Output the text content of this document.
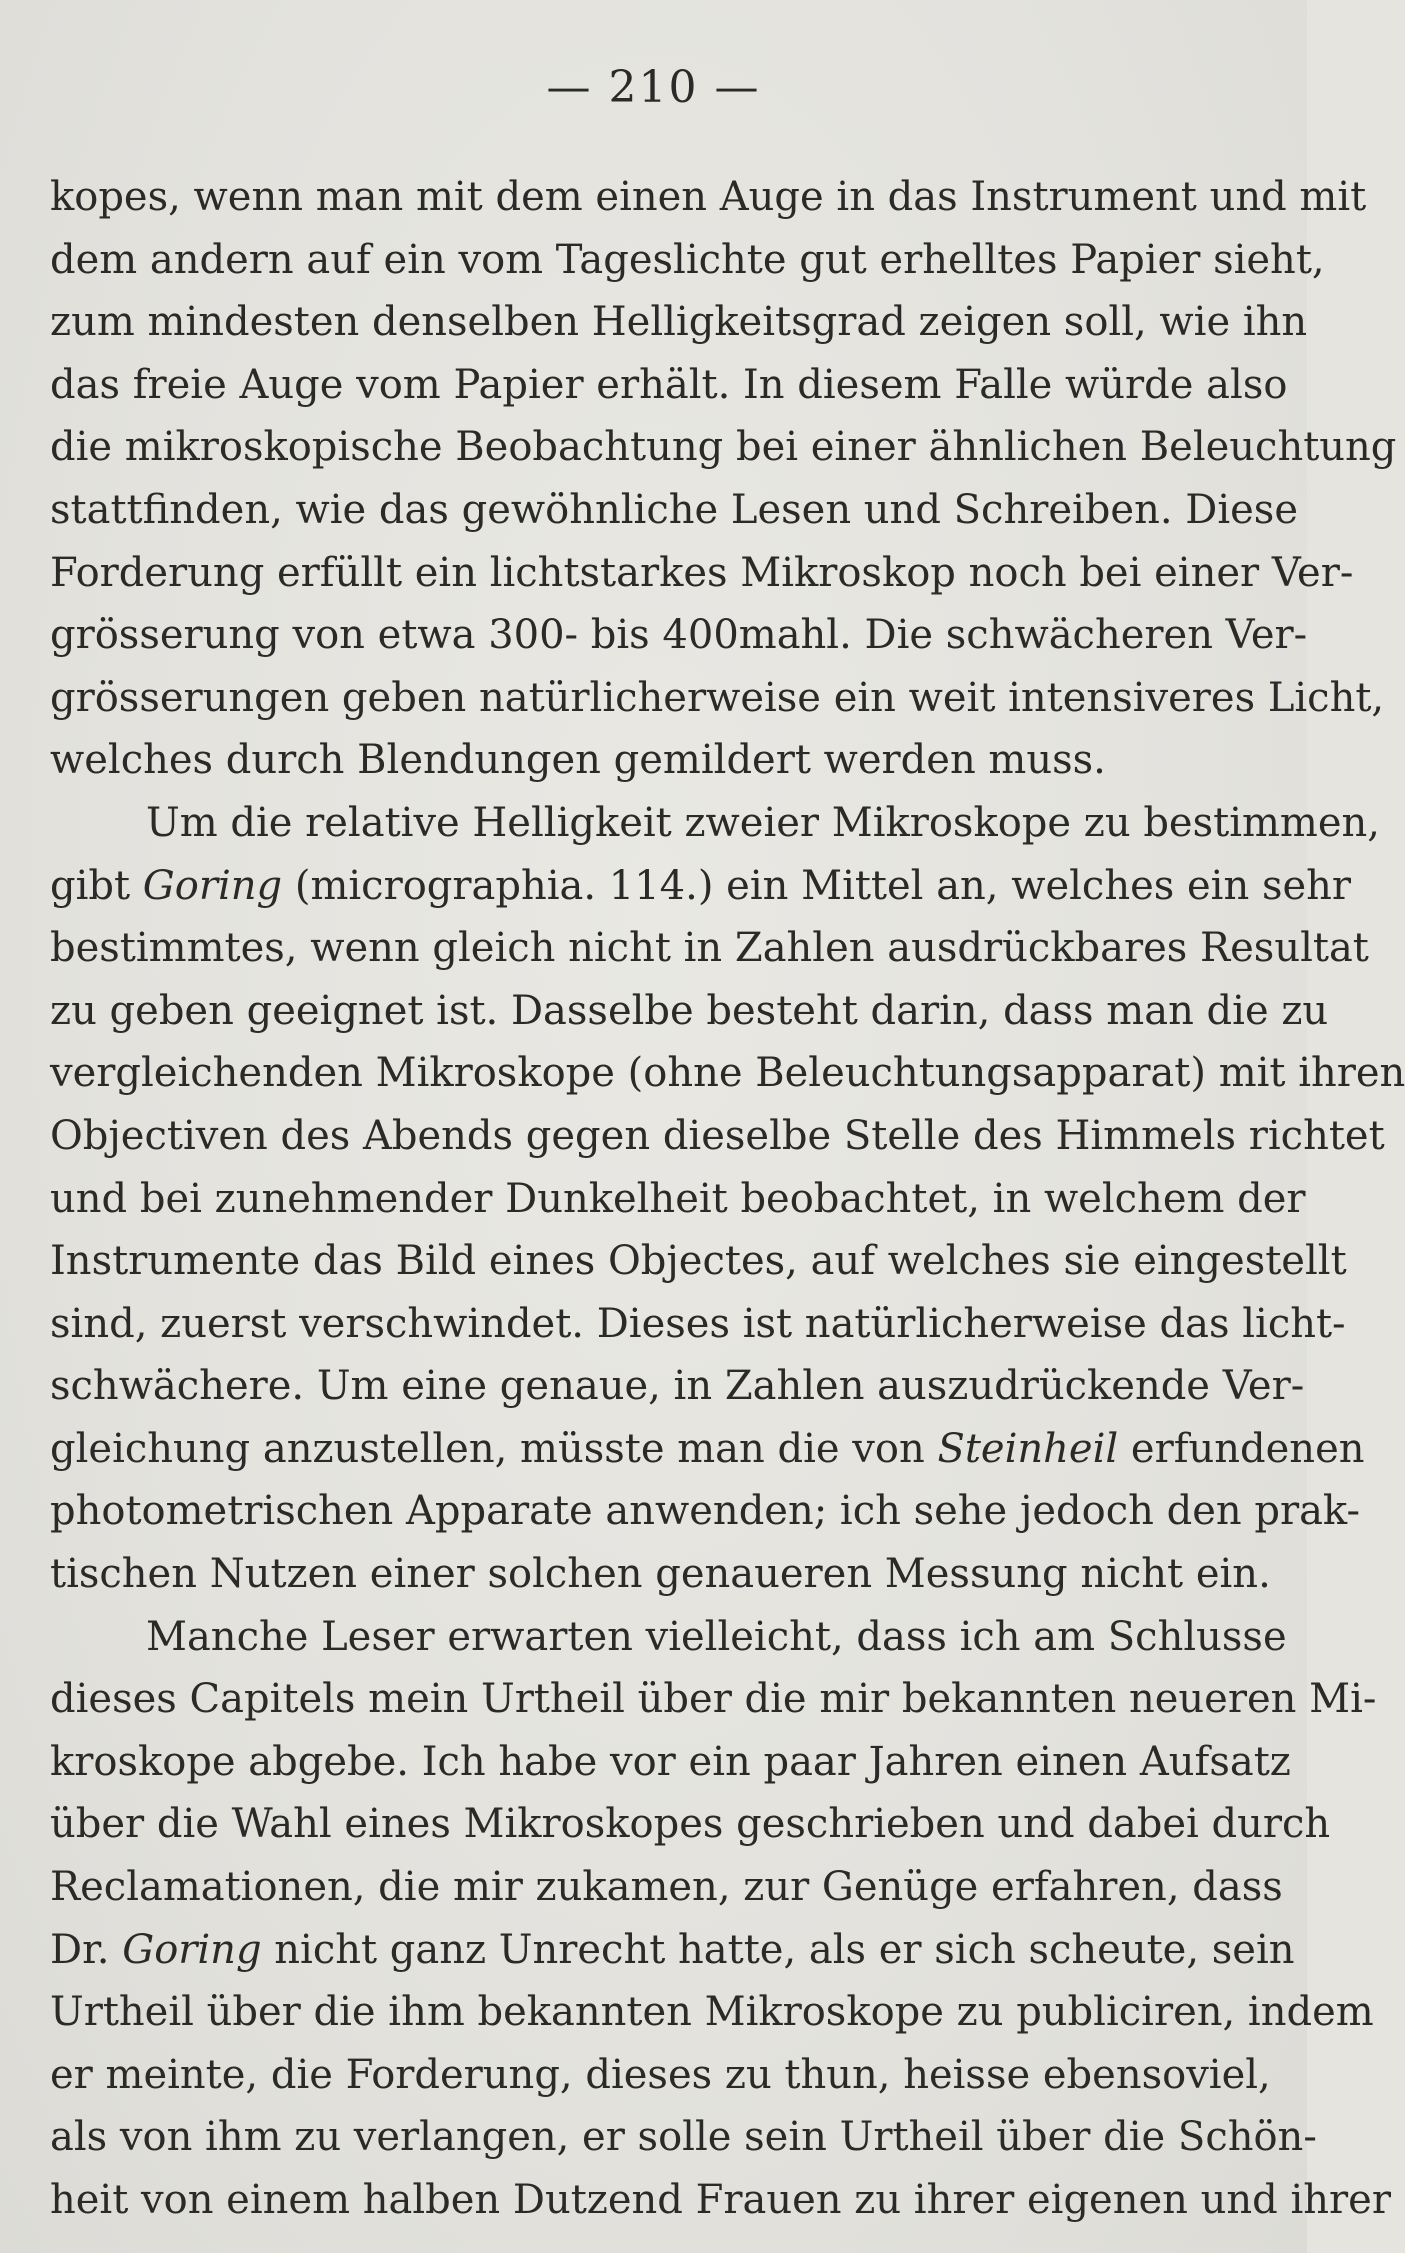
— 210 —
kopes, wenn man mit dem einen Auge in das Instrument und mit
dem andern auf ein vom Tageslichte gut erhelltes Papier sieht,
zum mindesten denselben Helligkeitsgrad zeigen soll, wie ihn
das freie Auge vom Papier erhält. In diesem Falle würde also
die mikroskopische Beobachtung bei einer ähnlichen Beleuchtung
stattfinden, wie das gewöhnliche Lesen und Schreiben. Diese
Forderung erfüllt ein lichtstarkes Mikroskop noch bei einer Ver-
grösserung von etwa 300- bis 400mahl. Die schwächeren Ver-
grösserungen geben natürlicherweise ein weit intensiveres Licht,
welches durch Blendungen gemildert werden muss.
Um die relative Helligkeit zweier Mikroskope zu bestimmen,
gibt Goring (micrographia. 114.) ein Mittel an, welches ein sehr
bestimmtes, wenn gleich nicht in Zahlen ausdrückbares Resultat
zu geben geeignet ist. Dasselbe besteht darin, dass man die zu
vergleichenden Mikroskope (ohne Beleuchtungsapparat) mit ihren
Objectiven des Abends gegen dieselbe Stelle des Himmels richtet
und bei zunehmender Dunkelheit beobachtet, in welchem der
Instrumente das Bild eines Objectes, auf welches sie eingestellt
sind, zuerst verschwindet. Dieses ist natürlicherweise das licht-
schwächere. Um eine genaue, in Zahlen auszudrückende Ver-
gleichung anzustellen, müsste man die von Steinheil erfundenen
photometrischen Apparate anwenden; ich sehe jedoch den prak-
tischen Nutzen einer solchen genaueren Messung nicht ein.
Manche Leser erwarten vielleicht, dass ich am Schlusse
dieses Capitels mein Urtheil über die mir bekannten neueren Mi-
kroskope abgebe. Ich habe vor ein paar Jahren einen Aufsatz
über die Wahl eines Mikroskopes geschrieben und dabei durch
Reclamationen, die mir zukamen, zur Genüge erfahren, dass
Dr. Goring nicht ganz Unrecht hatte, als er sich scheute, sein
Urtheil über die ihm bekannten Mikroskope zu publiciren, indem
er meinte, die Forderung, dieses zu thun, heisse ebensoviel,
als von ihm zu verlangen, er solle sein Urtheil über die Schön-
heit von einem halben Dutzend Frauen zu ihrer eigenen und ihrer
